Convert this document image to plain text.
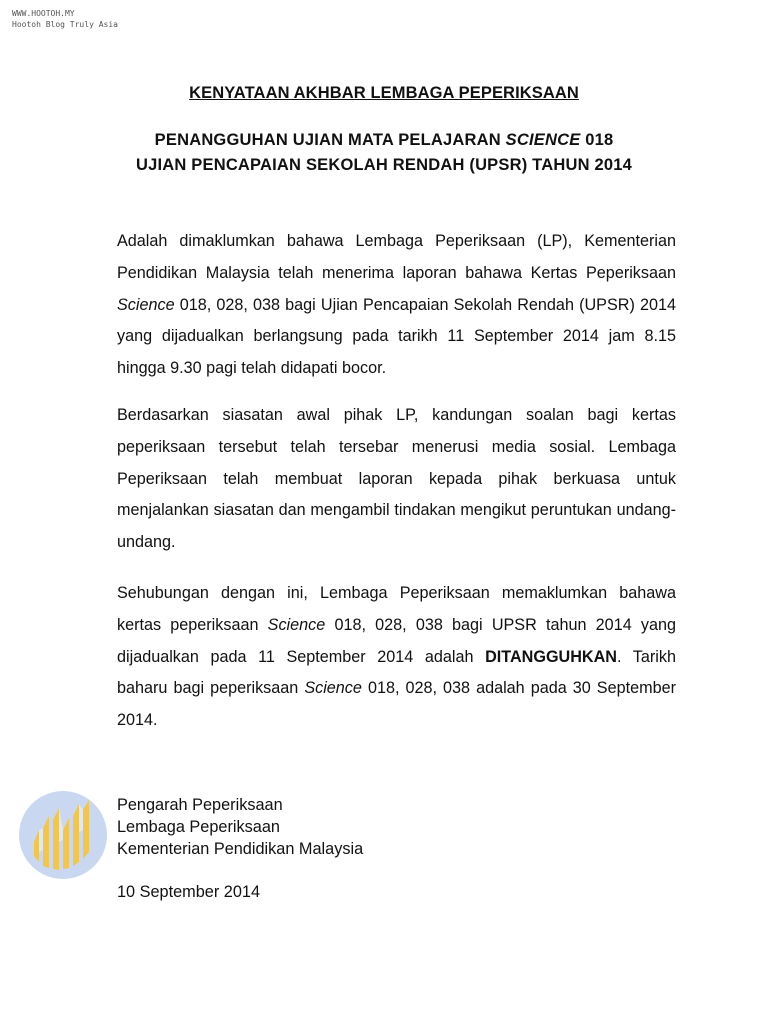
WWW.HOOTOH.MY
Hootoh Blog Truly Asia
KENYATAAN AKHBAR LEMBAGA PEPERIKSAAN
PENANGGUHAN UJIAN MATA PELAJARAN SCIENCE 018
UJIAN PENCAPAIAN SEKOLAH RENDAH (UPSR) TAHUN 2014

Adalah dimaklumkan bahawa Lembaga Peperiksaan (LP), Kementerian Pendidikan Malaysia telah menerima laporan bahawa Kertas Peperiksaan Science 018, 028, 038 bagi Ujian Pencapaian Sekolah Rendah (UPSR) 2014 yang dijadualkan berlangsung pada tarikh 11 September 2014 jam 8.15 hingga 9.30 pagi telah didapati bocor.

Berdasarkan siasatan awal pihak LP, kandungan soalan bagi kertas peperiksaan tersebut telah tersebar menerusi media sosial. Lembaga Peperiksaan telah membuat laporan kepada pihak berkuasa untuk menjalankan siasatan dan mengambil tindakan mengikut peruntukan undang-undang.

Sehubungan dengan ini, Lembaga Peperiksaan memaklumkan bahawa kertas peperiksaan Science 018, 028, 038 bagi UPSR tahun 2014 yang dijadualkan pada 11 September 2014 adalah DITANGGUHKAN. Tarikh baharu bagi peperiksaan Science 018, 028, 038 adalah pada 30 September 2014.

Pengarah Peperiksaan
Lembaga Peperiksaan
Kementerian Pendidikan Malaysia
10 September 2014
